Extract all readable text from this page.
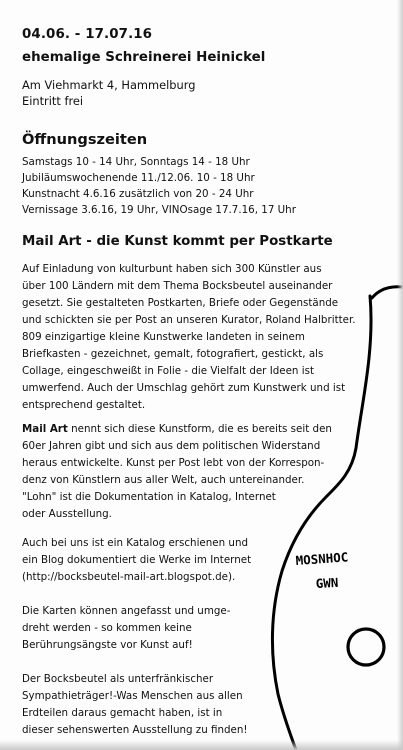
MOSNHOC
GWN
04.06. - 17.07.16
ehemalige Schreinerei Heinickel
Am Viehmarkt 4, Hammelburg
Eintritt frei
Öffnungszeiten
Samstags 10 - 14 Uhr, Sonntags 14 - 18 Uhr
Jubiläumswochenende 11./12.06. 10 - 18 Uhr
Kunstnacht 4.6.16 zusätzlich von 20 - 24 Uhr
Vernissage 3.6.16, 19 Uhr, VINOsage 17.7.16, 17 Uhr
Mail Art - die Kunst kommt per Postkarte
Auf Einladung von kulturbunt haben sich 300 Künstler aus
über 100 Ländern mit dem Thema Bocksbeutel auseinander
gesetzt. Sie gestalteten Postkarten, Briefe oder Gegenstände
und schickten sie per Post an unseren Kurator, Roland Halbritter.
809 einzigartige kleine Kunstwerke landeten in seinem
Briefkasten - gezeichnet, gemalt, fotografiert, gestickt, als
Collage, eingeschweißt in Folie - die Vielfalt der Ideen ist
umwerfend. Auch der Umschlag gehört zum Kunstwerk und ist
entsprechend gestaltet.
Mail Art nennt sich diese Kunstform, die es bereits seit den
60er Jahren gibt und sich aus dem politischen Widerstand
heraus entwickelte. Kunst per Post lebt von der Korrespon-
denz von Künstlern aus aller Welt, auch untereinander.
"Lohn" ist die Dokumentation in Katalog, Internet
oder Ausstellung.
Auch bei uns ist ein Katalog erschienen und
ein Blog dokumentiert die Werke im Internet
(http://bocksbeutel-mail-art.blogspot.de).
Die Karten können angefasst und umge-
dreht werden - so kommen keine
Berührungsängste vor Kunst auf!
Der Bocksbeutel als unterfränkischer
Sympathieträger!-Was Menschen aus allen
Erdteilen daraus gemacht haben, ist in
dieser sehenswerten Ausstellung zu finden!
